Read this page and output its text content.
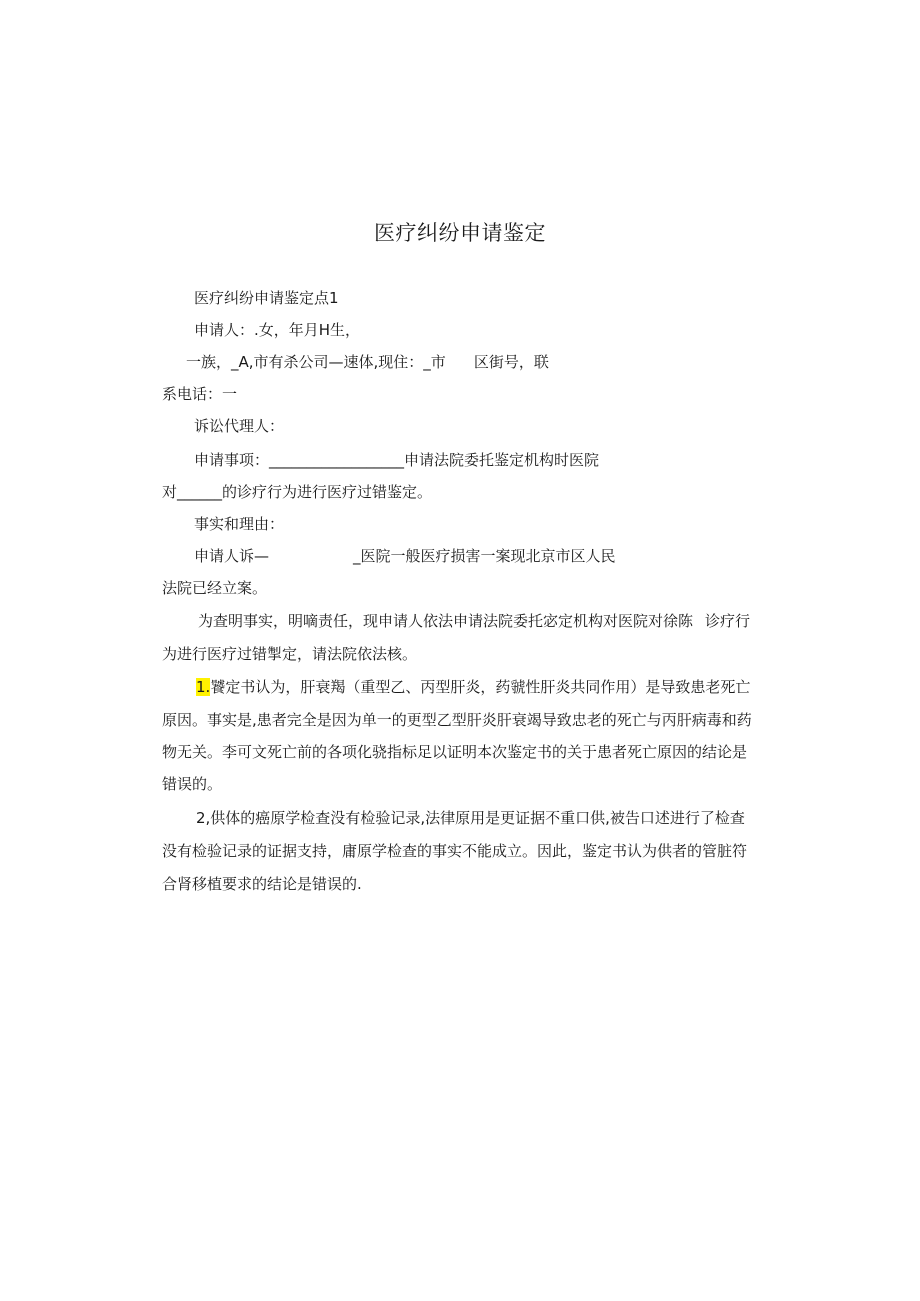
医疗纠纷申请鉴定
医疗纠纷申请鉴定点1
申请人：.女，年月H生，
一族，_A,市有杀公司—速体,现住：_市 区街号，联
系电话：一
诉讼代理人：
申请事项：__________________申请法院委托鉴定机构时医院
对______的诊疗行为进行医疗过错鉴定。
事实和理由：
申请人诉—	_医院一般医疗损害一案现北京市区人民
法院已经立案。
为查明事实，明嘀责任，现申请人依法申请法院委托宓定机构对医院对徐陈 诊疗行
为进行医疗过错掣定，请法院依法核。
1.饕定书认为，肝衰羯（重型乙、丙型肝炎，药虢性肝炎共同作用）是导致患老死亡
原因。事实是,患者完全是因为单一的更型乙型肝炎肝衰竭导致忠老的死亡与丙肝病毒和药
物无关。李可文死亡前的各项化骁指标足以证明本次鉴定书的关于患者死亡原因的结论是
错误的。
2,供体的癌原学检查没有检验记录,法律原用是更证据不重口供,被告口述进行了检查
没有检验记录的证据支持，庸原学检查的事实不能成立。因此，鉴定书认为供者的管脏符
合肾移植要求的结论是错误的.
